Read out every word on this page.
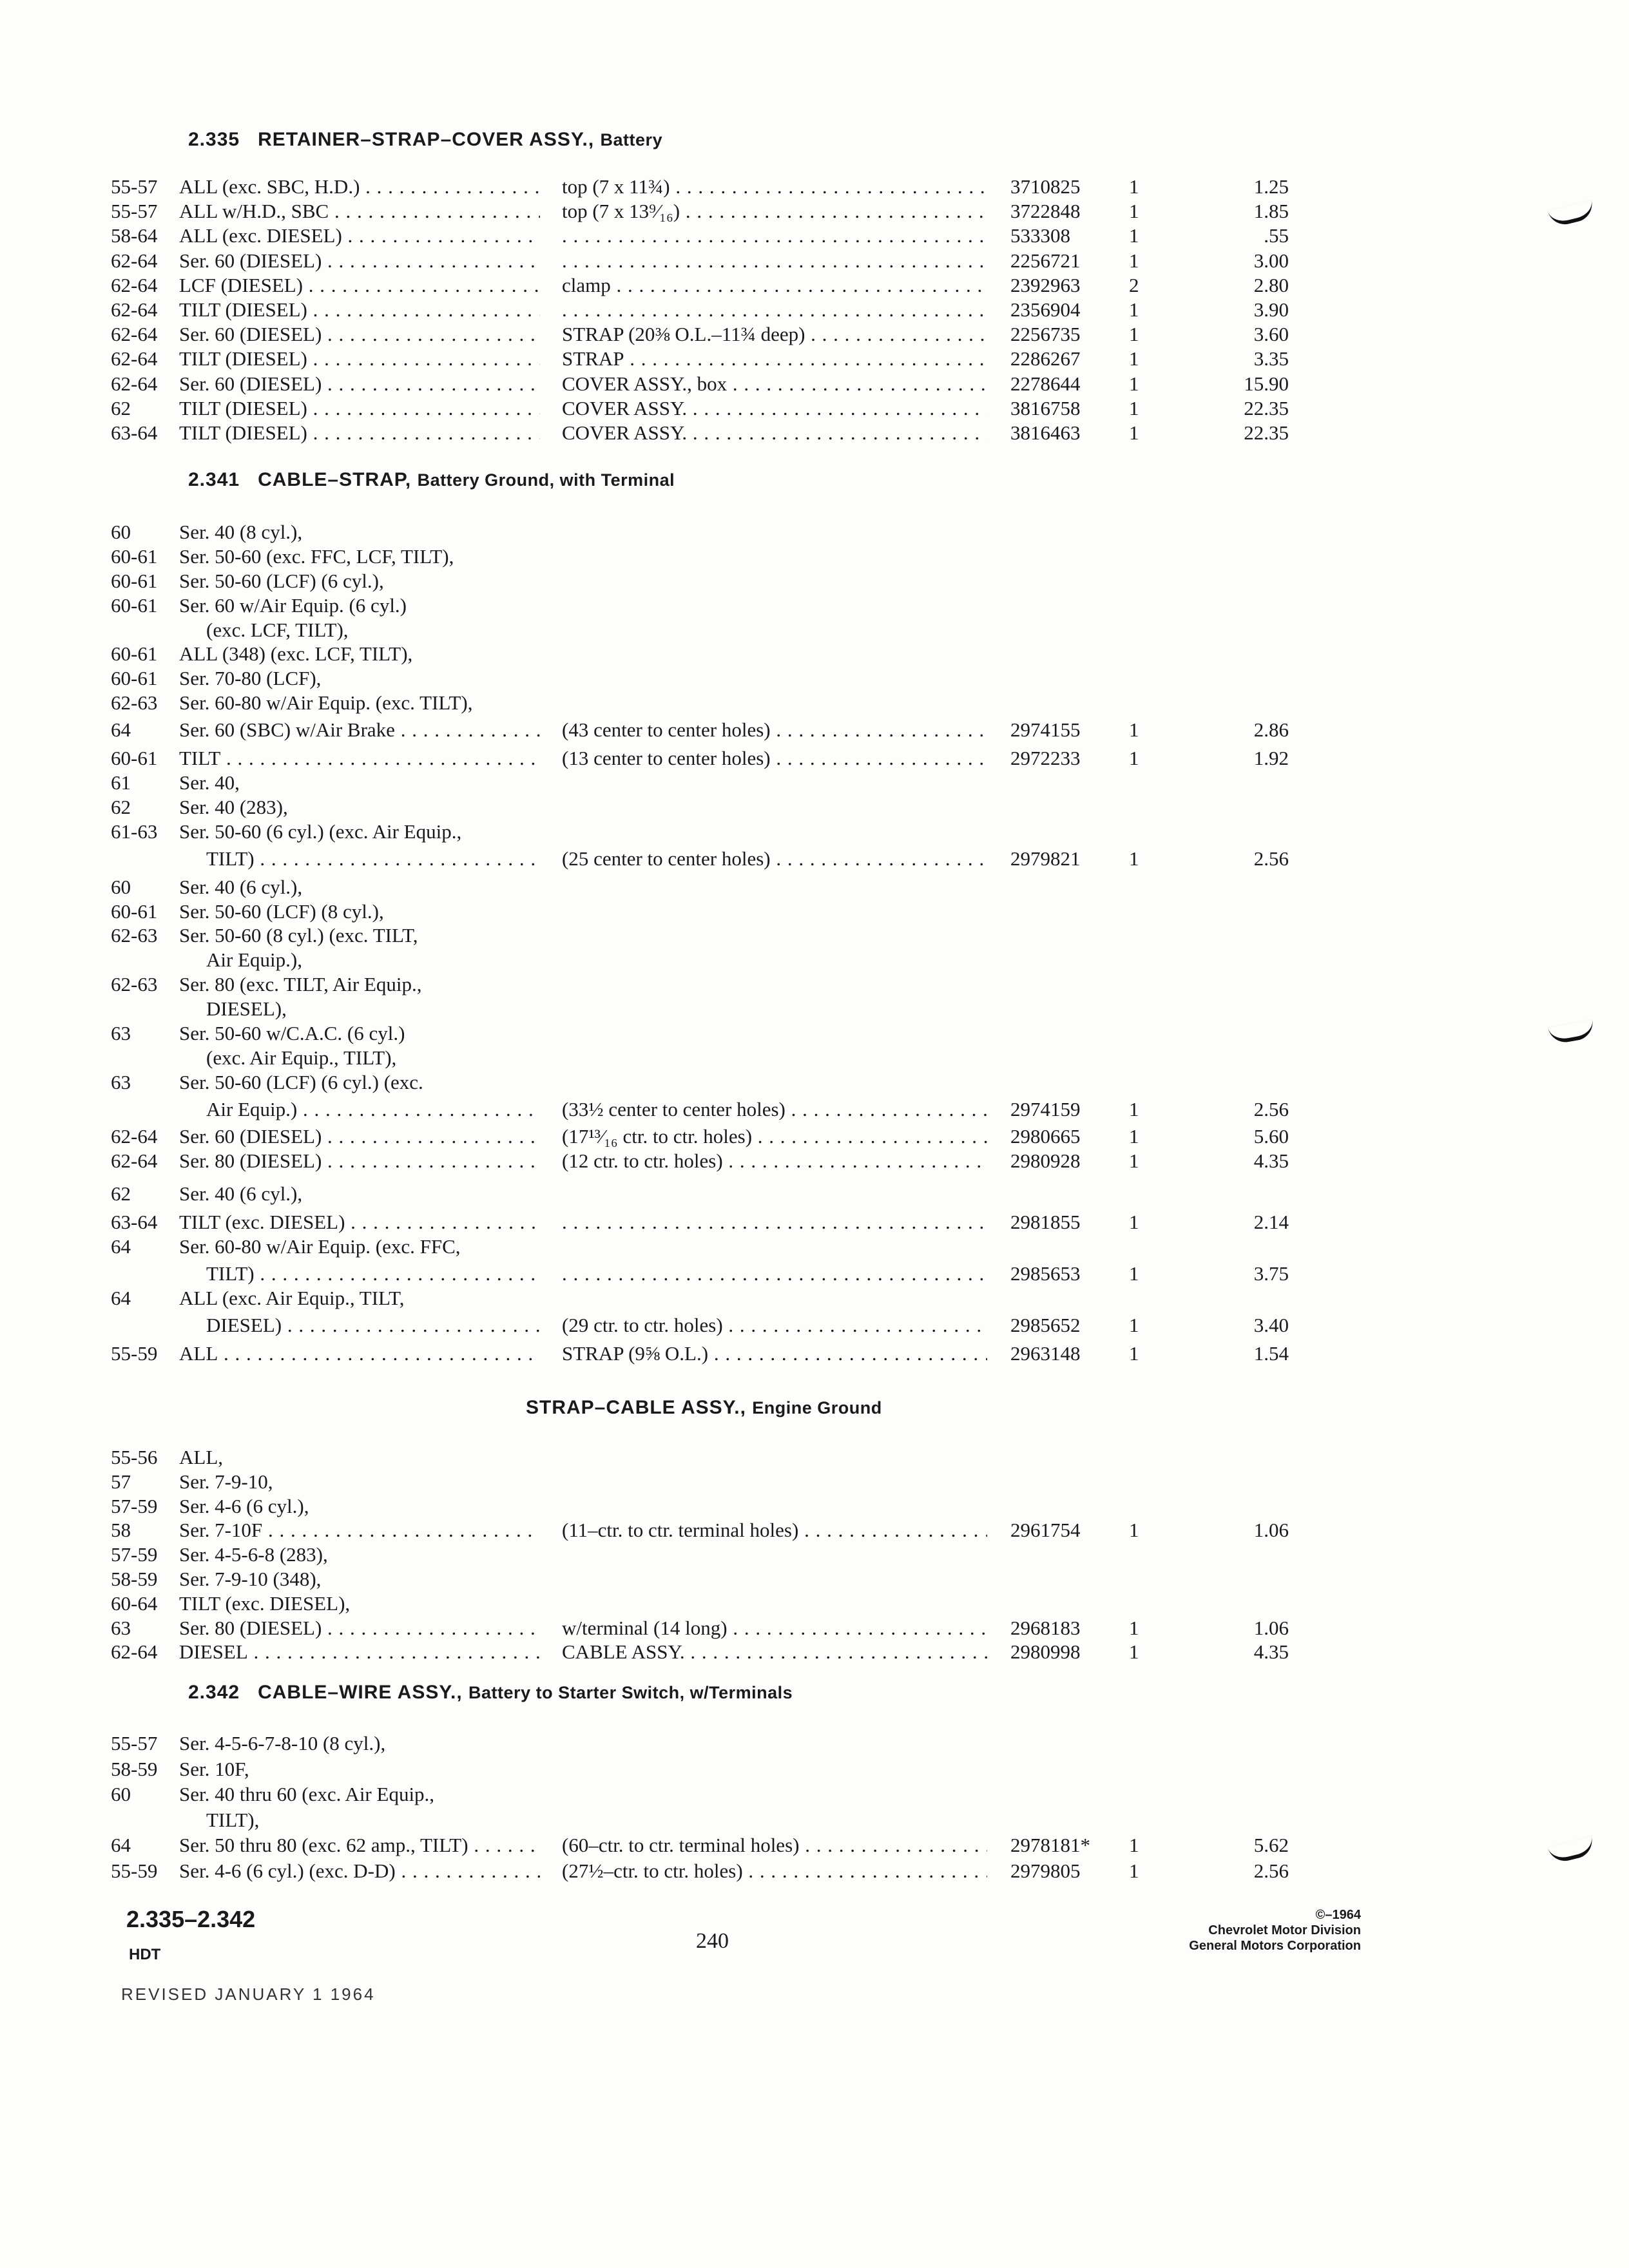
2.335 RETAINER–STRAP–COVER ASSY., Battery
55-57 ALL (exc. SBC, H.D.) . . .	top (7 x 11¾) . . .	3710825 1	1.25
55-57 ALL w/H.D., SBC . . .	top (7 x 13⁹⁄₁₆) . . .	3722848 1	1.85
58-64 ALL (exc. DIESEL) . . . . . .	533308	1	.55
62-64 Ser. 60 (DIESEL) . . . . . .	2256721 1	3.00
62-64 LCF (DIESEL) . . .	clamp . . .	2392963 2	2.80
62-64 TILT (DIESEL) . . . . . .	2356904 1	3.90
62-64 Ser. 60 (DIESEL) . . .	STRAP (20⅜ O.L.–11¾ deep) . . .	2256735 1	3.60
62-64 TILT (DIESEL) . . .	STRAP . . .	2286267 1	3.35
62-64 Ser. 60 (DIESEL) . . .	COVER ASSY., box . . .	2278644 1	15.90
62 TILT (DIESEL) . . .	COVER ASSY. . . .	3816758 1	22.35
63-64 TILT (DIESEL) . . .	COVER ASSY. . . .	3816463 1	22.35
2.341 CABLE–STRAP, Battery Ground, with Terminal
60 Ser. 40 (8 cyl.),
60-61 Ser. 50-60 (exc. FFC, LCF, TILT),
60-61 Ser. 50-60 (LCF) (6 cyl.),
60-61 Ser. 60 w/Air Equip. (6 cyl.)
(exc. LCF, TILT),
60-61 ALL (348) (exc. LCF, TILT),
60-61 Ser. 70-80 (LCF),
62-63 Ser. 60-80 w/Air Equip. (exc. TILT),
64 Ser. 60 (SBC) w/Air Brake . . .	(43 center to center holes) . . .	2974155 1	2.86
60-61 TILT . . .	(13 center to center holes) . . .	2972233 1	1.92
61 Ser. 40,
62 Ser. 40 (283),
61-63 Ser. 50-60 (6 cyl.) (exc. Air Equip.,
TILT) . . .	(25 center to center holes) . . .	2979821 1	2.56
60 Ser. 40 (6 cyl.),
60-61 Ser. 50-60 (LCF) (8 cyl.),
62-63 Ser. 50-60 (8 cyl.) (exc. TILT,
Air Equip.),
62-63 Ser. 80 (exc. TILT, Air Equip.,
DIESEL),
63 Ser. 50-60 w/C.A.C. (6 cyl.)
(exc. Air Equip., TILT),
63 Ser. 50-60 (LCF) (6 cyl.) (exc.
Air Equip.) . . .	(33½ center to center holes) . . .	2974159 1	2.56
62-64 Ser. 60 (DIESEL) . . .	(17¹³⁄₁₆ ctr. to ctr. holes) . . .	2980665 1	5.60
62-64 Ser. 80 (DIESEL) . . .	(12 ctr. to ctr. holes) . . .	2980928 1	4.35
62 Ser. 40 (6 cyl.),
63-64 TILT (exc. DIESEL) . . . . . .	2981855 1	2.14
64 Ser. 60-80 w/Air Equip. (exc. FFC,
TILT) . . . . . .	2985653 1	3.75
64 ALL (exc. Air Equip., TILT,
DIESEL) . . .	(29 ctr. to ctr. holes) . . .	2985652 1	3.40
55-59 ALL . . .	STRAP (9⅝ O.L.) . . .	2963148 1	1.54
STRAP–CABLE ASSY., Engine Ground
55-56 ALL,
57 Ser. 7-9-10,
57-59 Ser. 4-6 (6 cyl.),
58 Ser. 7-10F . . .	(11–ctr. to ctr. terminal holes) . . .	2961754 1	1.06
57-59 Ser. 4-5-6-8 (283),
58-59 Ser. 7-9-10 (348),
60-64 TILT (exc. DIESEL),
63 Ser. 80 (DIESEL) . . .	w/terminal (14 long) . . .	2968183 1	1.06
62-64 DIESEL . . .	CABLE ASSY. . . .	2980998 1	4.35
2.342 CABLE–WIRE ASSY., Battery to Starter Switch, w/Terminals
55-57 Ser. 4-5-6-7-8-10 (8 cyl.),
58-59 Ser. 10F,
60 Ser. 40 thru 60 (exc. Air Equip.,
TILT),
64 Ser. 50 thru 80 (exc. 62 amp., TILT) . . .	(60–ctr. to ctr. terminal holes) . . .	2978181* 1	5.62
55-59 Ser. 4-6 (6 cyl.) (exc. D-D) . . .	(27½–ctr. to ctr. holes) . . .	2979805 1	2.56
2.335–2.342
HDT
240
©–1964
Chevrolet Motor Division
General Motors Corporation
REVISED JANUARY 1 1964
